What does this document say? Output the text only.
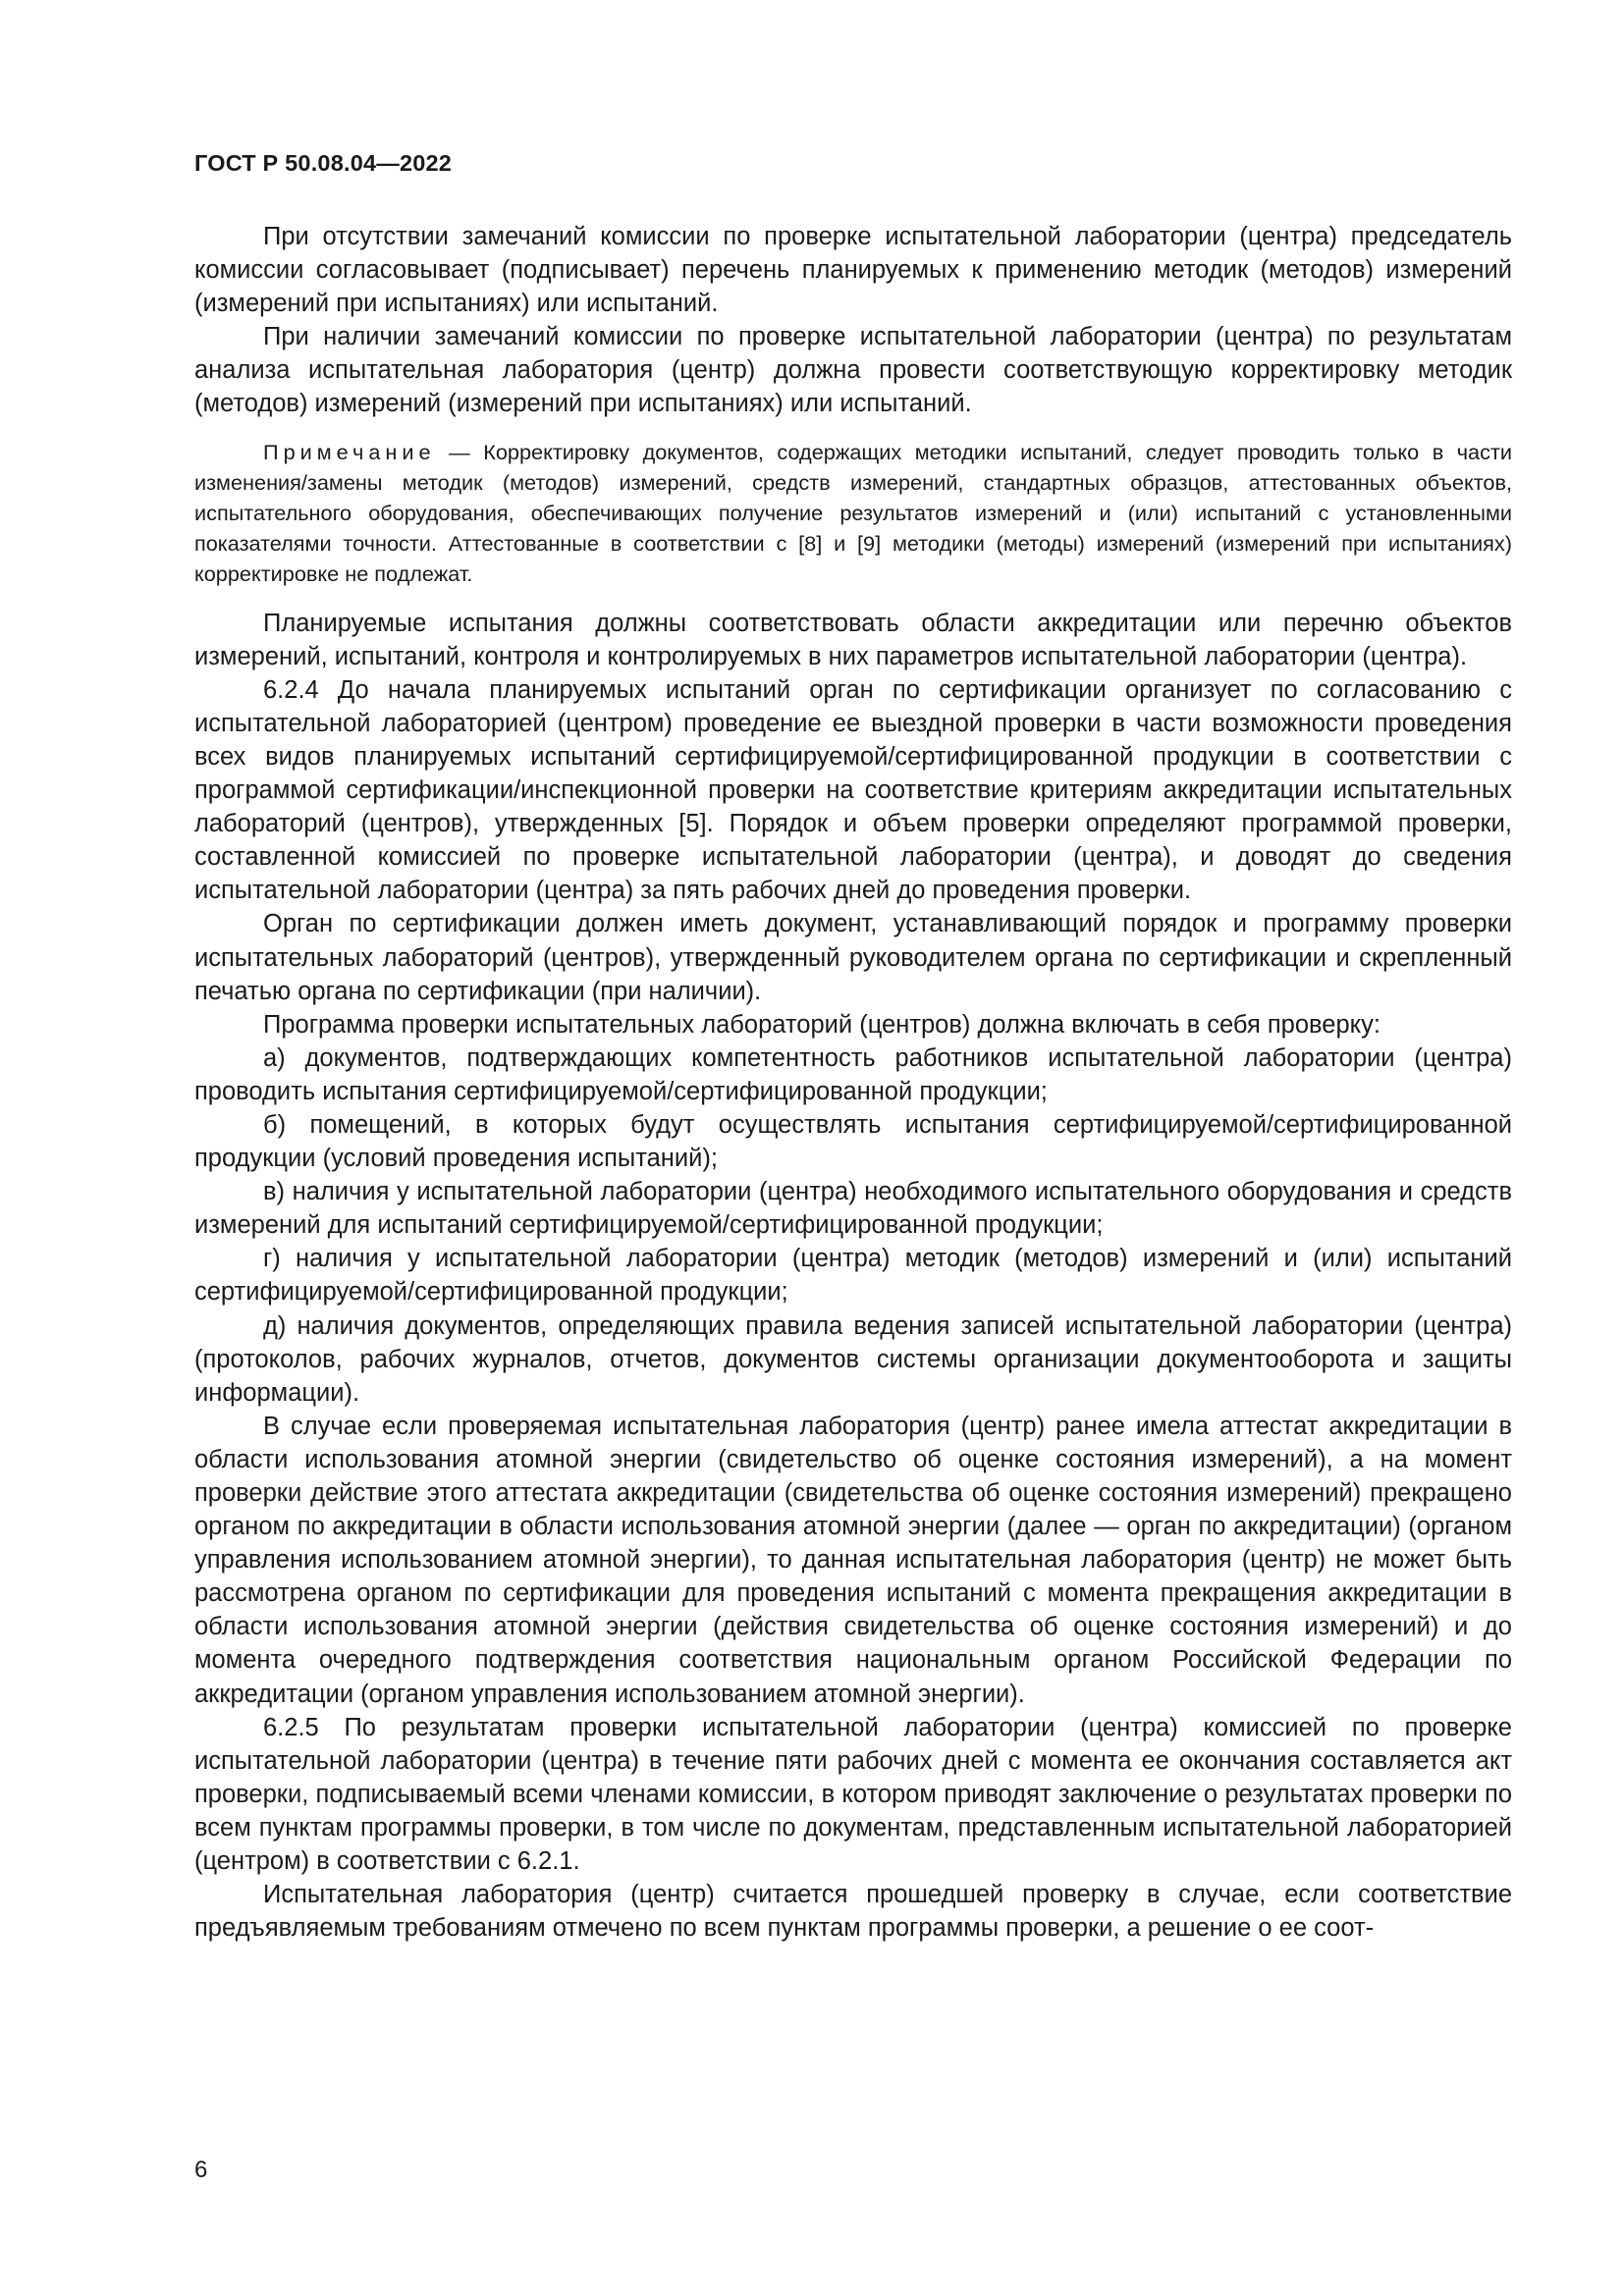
ГОСТ Р 50.08.04—2022

При отсутствии замечаний комиссии по проверке испытательной лаборатории (центра) председатель комиссии согласовывает (подписывает) перечень планируемых к применению методик (методов) измерений (измерений при испытаниях) или испытаний.

При наличии замечаний комиссии по проверке испытательной лаборатории (центра) по результатам анализа испытательная лаборатория (центр) должна провести соответствующую корректировку методик (методов) измерений (измерений при испытаниях) или испытаний.

Примечание — Корректировку документов, содержащих методики испытаний, следует проводить только в части изменения/замены методик (методов) измерений, средств измерений, стандартных образцов, аттестованных объектов, испытательного оборудования, обеспечивающих получение результатов измерений и (или) испытаний с установленными показателями точности. Аттестованные в соответствии с [8] и [9] методики (методы) измерений (измерений при испытаниях) корректировке не подлежат.

Планируемые испытания должны соответствовать области аккредитации или перечню объектов измерений, испытаний, контроля и контролируемых в них параметров испытательной лаборатории (центра).

6.2.4 До начала планируемых испытаний орган по сертификации организует по согласованию с испытательной лабораторией (центром) проведение ее выездной проверки в части возможности проведения всех видов планируемых испытаний сертифицируемой/сертифицированной продукции в соответствии с программой сертификации/инспекционной проверки на соответствие критериям аккредитации испытательных лабораторий (центров), утвержденных [5]. Порядок и объем проверки определяют программой проверки, составленной комиссией по проверке испытательной лаборатории (центра), и доводят до сведения испытательной лаборатории (центра) за пять рабочих дней до проведения проверки.

Орган по сертификации должен иметь документ, устанавливающий порядок и программу проверки испытательных лабораторий (центров), утвержденный руководителем органа по сертификации и скрепленный печатью органа по сертификации (при наличии).

Программа проверки испытательных лабораторий (центров) должна включать в себя проверку:

а) документов, подтверждающих компетентность работников испытательной лаборатории (центра) проводить испытания сертифицируемой/сертифицированной продукции;

б) помещений, в которых будут осуществлять испытания сертифицируемой/сертифицированной продукции (условий проведения испытаний);

в) наличия у испытательной лаборатории (центра) необходимого испытательного оборудования и средств измерений для испытаний сертифицируемой/сертифицированной продукции;

г) наличия у испытательной лаборатории (центра) методик (методов) измерений и (или) испытаний сертифицируемой/сертифицированной продукции;

д) наличия документов, определяющих правила ведения записей испытательной лаборатории (центра) (протоколов, рабочих журналов, отчетов, документов системы организации документооборота и защиты информации).

В случае если проверяемая испытательная лаборатория (центр) ранее имела аттестат аккредитации в области использования атомной энергии (свидетельство об оценке состояния измерений), а на момент проверки действие этого аттестата аккредитации (свидетельства об оценке состояния измерений) прекращено органом по аккредитации в области использования атомной энергии (далее — орган по аккредитации) (органом управления использованием атомной энергии), то данная испытательная лаборатория (центр) не может быть рассмотрена органом по сертификации для проведения испытаний с момента прекращения аккредитации в области использования атомной энергии (действия свидетельства об оценке состояния измерений) и до момента очередного подтверждения соответствия национальным органом Российской Федерации по аккредитации (органом управления использованием атомной энергии).

6.2.5 По результатам проверки испытательной лаборатории (центра) комиссией по проверке испытательной лаборатории (центра) в течение пяти рабочих дней с момента ее окончания составляется акт проверки, подписываемый всеми членами комиссии, в котором приводят заключение о результатах проверки по всем пунктам программы проверки, в том числе по документам, представленным испытательной лабораторией (центром) в соответствии с 6.2.1.

Испытательная лаборатория (центр) считается прошедшей проверку в случае, если соответствие предъявляемым требованиям отмечено по всем пунктам программы проверки, а решение о ее соот-

6
